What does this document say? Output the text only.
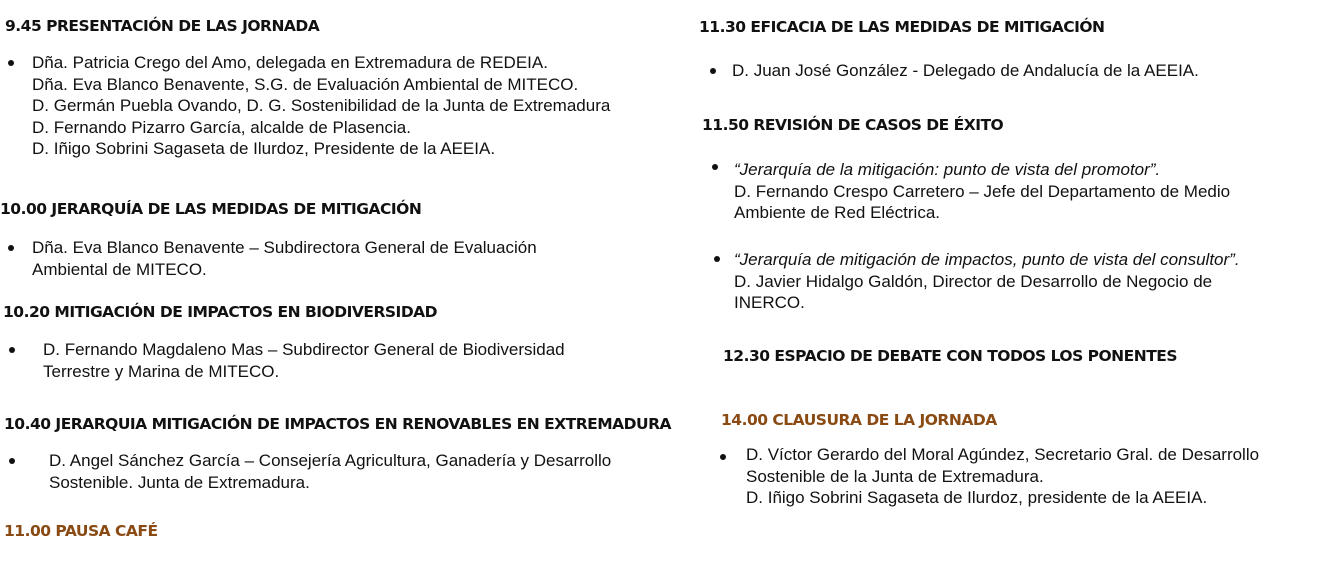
9.45 PRESENTACIÓN DE LAS JORNADA
Dña. Patricia Crego del Amo, delegada en Extremadura de REDEIA.
Dña. Eva Blanco Benavente, S.G. de Evaluación Ambiental de MITECO.
D. Germán Puebla Ovando, D. G. Sostenibilidad de la Junta de Extremadura
D. Fernando Pizarro García, alcalde de Plasencia.
D. Iñigo Sobrini Sagaseta de Ilurdoz, Presidente de la AEEIA.
10.00 JERARQUÍA DE LAS MEDIDAS DE MITIGACIÓN
Dña. Eva Blanco Benavente – Subdirectora General de Evaluación
Ambiental de MITECO.
10.20 MITIGACIÓN DE IMPACTOS EN BIODIVERSIDAD
D. Fernando Magdaleno Mas – Subdirector General de Biodiversidad
Terrestre y Marina de MITECO.
10.40 JERARQUIA MITIGACIÓN DE IMPACTOS EN RENOVABLES EN EXTREMADURA
D. Angel Sánchez García – Consejería Agricultura, Ganadería y Desarrollo
Sostenible. Junta de Extremadura.
11.00 PAUSA CAFÉ
11.30 EFICACIA DE LAS MEDIDAS DE MITIGACIÓN
D. Juan José González - Delegado de Andalucía de la AEEIA.
11.50 REVISIÓN DE CASOS DE ÉXITO
“Jerarquía de la mitigación: punto de vista del promotor”.
D. Fernando Crespo Carretero – Jefe del Departamento de Medio
Ambiente de Red Eléctrica.
“Jerarquía de mitigación de impactos, punto de vista del consultor”.
D. Javier Hidalgo Galdón, Director de Desarrollo de Negocio de
INERCO.
12.30 ESPACIO DE DEBATE CON TODOS LOS PONENTES
14.00 CLAUSURA DE LA JORNADA
D. Víctor Gerardo del Moral Agúndez, Secretario Gral. de Desarrollo
Sostenible de la Junta de Extremadura.
D. Iñigo Sobrini Sagaseta de Ilurdoz, presidente de la AEEIA.
